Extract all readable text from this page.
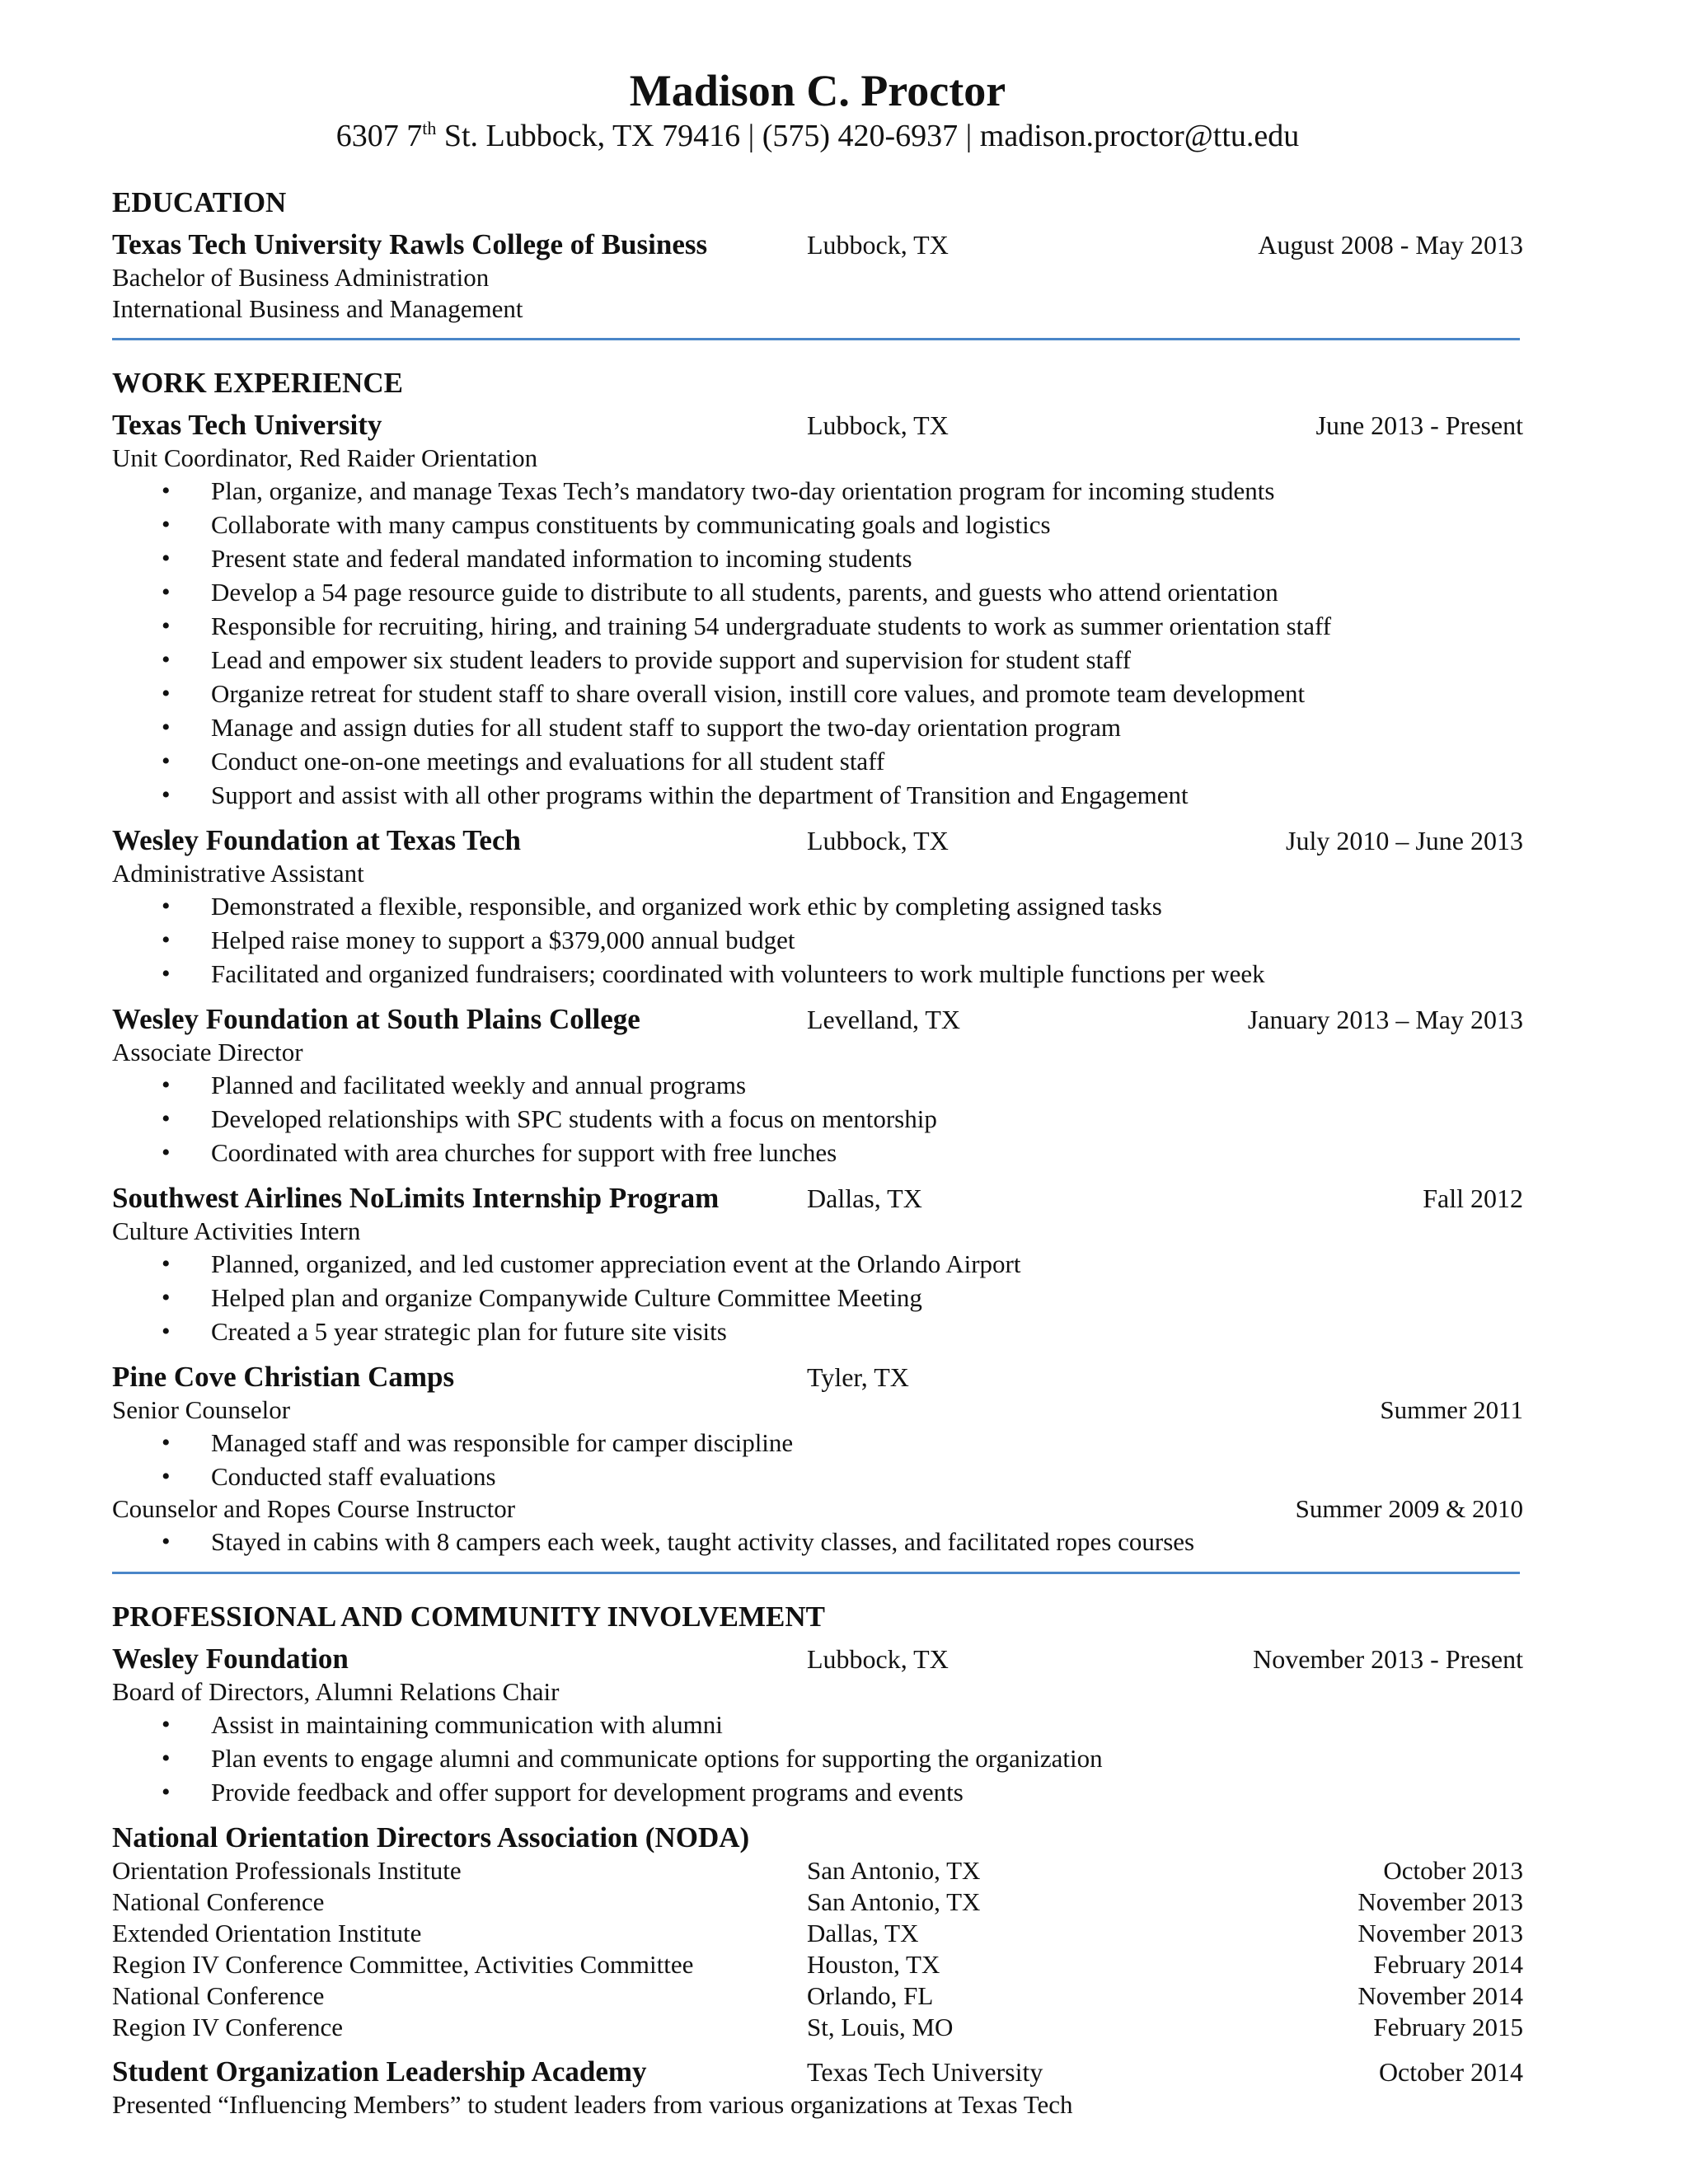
Madison C. Proctor
6307 7th St. Lubbock, TX 79416 | (575) 420-6937 | madison.proctor@ttu.edu
EDUCATION
Texas Tech University Rawls College of Business	Lubbock, TX	August 2008 - May 2013
Bachelor of Business Administration
International Business and Management
WORK EXPERIENCE
Texas Tech University	Lubbock, TX	June 2013 - Present
Unit Coordinator, Red Raider Orientation
• Plan, organize, and manage Texas Tech’s mandatory two-day orientation program for incoming students
• Collaborate with many campus constituents by communicating goals and logistics
• Present state and federal mandated information to incoming students
• Develop a 54 page resource guide to distribute to all students, parents, and guests who attend orientation
• Responsible for recruiting, hiring, and training 54 undergraduate students to work as summer orientation staff
• Lead and empower six student leaders to provide support and supervision for student staff
• Organize retreat for student staff to share overall vision, instill core values, and promote team development
• Manage and assign duties for all student staff to support the two-day orientation program
• Conduct one-on-one meetings and evaluations for all student staff
• Support and assist with all other programs within the department of Transition and Engagement
Wesley Foundation at Texas Tech	Lubbock, TX	July 2010 – June 2013
Administrative Assistant
• Demonstrated a flexible, responsible, and organized work ethic by completing assigned tasks
• Helped raise money to support a $379,000 annual budget
• Facilitated and organized fundraisers; coordinated with volunteers to work multiple functions per week
Wesley Foundation at South Plains College	Levelland, TX	January 2013 – May 2013
Associate Director
• Planned and facilitated weekly and annual programs
• Developed relationships with SPC students with a focus on mentorship
• Coordinated with area churches for support with free lunches
Southwest Airlines NoLimits Internship Program	Dallas, TX	Fall 2012
Culture Activities Intern
• Planned, organized, and led customer appreciation event at the Orlando Airport
• Helped plan and organize Companywide Culture Committee Meeting
• Created a 5 year strategic plan for future site visits
Pine Cove Christian Camps	Tyler, TX
Senior Counselor	Summer 2011
• Managed staff and was responsible for camper discipline
• Conducted staff evaluations
Counselor and Ropes Course Instructor	Summer 2009 & 2010
• Stayed in cabins with 8 campers each week, taught activity classes, and facilitated ropes courses
PROFESSIONAL AND COMMUNITY INVOLVEMENT
Wesley Foundation	Lubbock, TX	November 2013 - Present
Board of Directors, Alumni Relations Chair
• Assist in maintaining communication with alumni
• Plan events to engage alumni and communicate options for supporting the organization
• Provide feedback and offer support for development programs and events
National Orientation Directors Association (NODA)
Orientation Professionals Institute	San Antonio, TX	October 2013
National Conference	San Antonio, TX	November 2013
Extended Orientation Institute	Dallas, TX	November 2013
Region IV Conference Committee, Activities Committee	Houston, TX	February 2014
National Conference	Orlando, FL	November 2014
Region IV Conference	St, Louis, MO	February 2015
Student Organization Leadership Academy	Texas Tech University	October 2014
Presented “Influencing Members” to student leaders from various organizations at Texas Tech
